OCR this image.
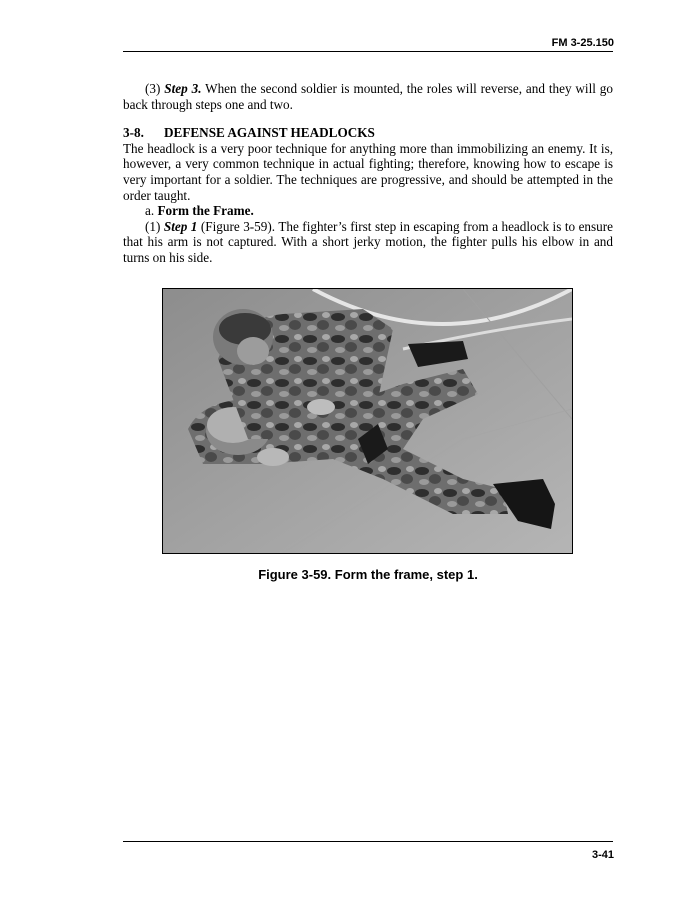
FM 3-25.150

(3) Step 3. When the second soldier is mounted, the roles will reverse, and they will go back through steps one and two.

3-8. DEFENSE AGAINST HEADLOCKS

The headlock is a very poor technique for anything more than immobilizing an enemy. It is, however, a very common technique in actual fighting; therefore, knowing how to escape is very important for a soldier. The techniques are progressive, and should be attempted in the order taught.

a. Form the Frame.

(1) Step 1 (Figure 3-59). The fighter’s first step in escaping from a headlock is to ensure that his arm is not captured. With a short jerky motion, the fighter pulls his elbow in and turns on his side.

Figure 3-59. Form the frame, step 1.
3-41
